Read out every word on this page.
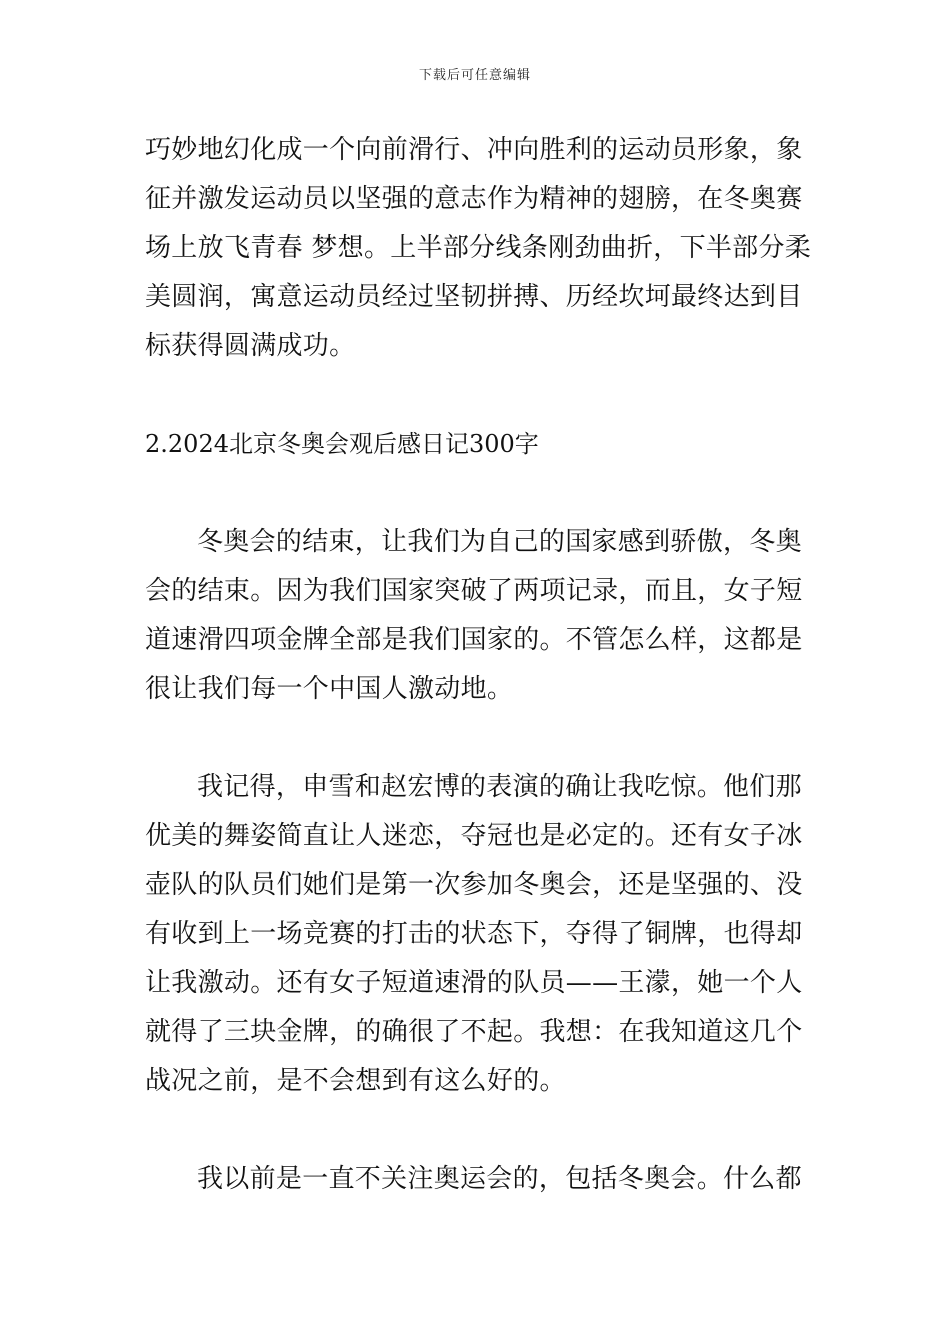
下载后可任意编辑
巧妙地幻化成一个向前滑行、冲向胜利的运动员形象，象
征并激发运动员以坚强的意志作为精神的翅膀，在冬奥赛
场上放飞青春 梦想。上半部分线条刚劲曲折，下半部分柔
美圆润，寓意运动员经过坚韧拼搏、历经坎坷最终达到目
标获得圆满成功。
2.2024北京冬奥会观后感日记300字
冬奥会的结束，让我们为自己的国家感到骄傲，冬奥
会的结束。因为我们国家突破了两项记录，而且，女子短
道速滑四项金牌全部是我们国家的。不管怎么样，这都是
很让我们每一个中国人激动地。
我记得，申雪和赵宏博的表演的确让我吃惊。他们那
优美的舞姿简直让人迷恋，夺冠也是必定的。还有女子冰
壶队的队员们她们是第一次参加冬奥会，还是坚强的、没
有收到上一场竞赛的打击的状态下，夺得了铜牌，也得却
让我激动。还有女子短道速滑的队员——王濛，她一个人
就得了三块金牌，的确很了不起。我想：在我知道这几个
战况之前，是不会想到有这么好的。
我以前是一直不关注奥运会的，包括冬奥会。什么都
